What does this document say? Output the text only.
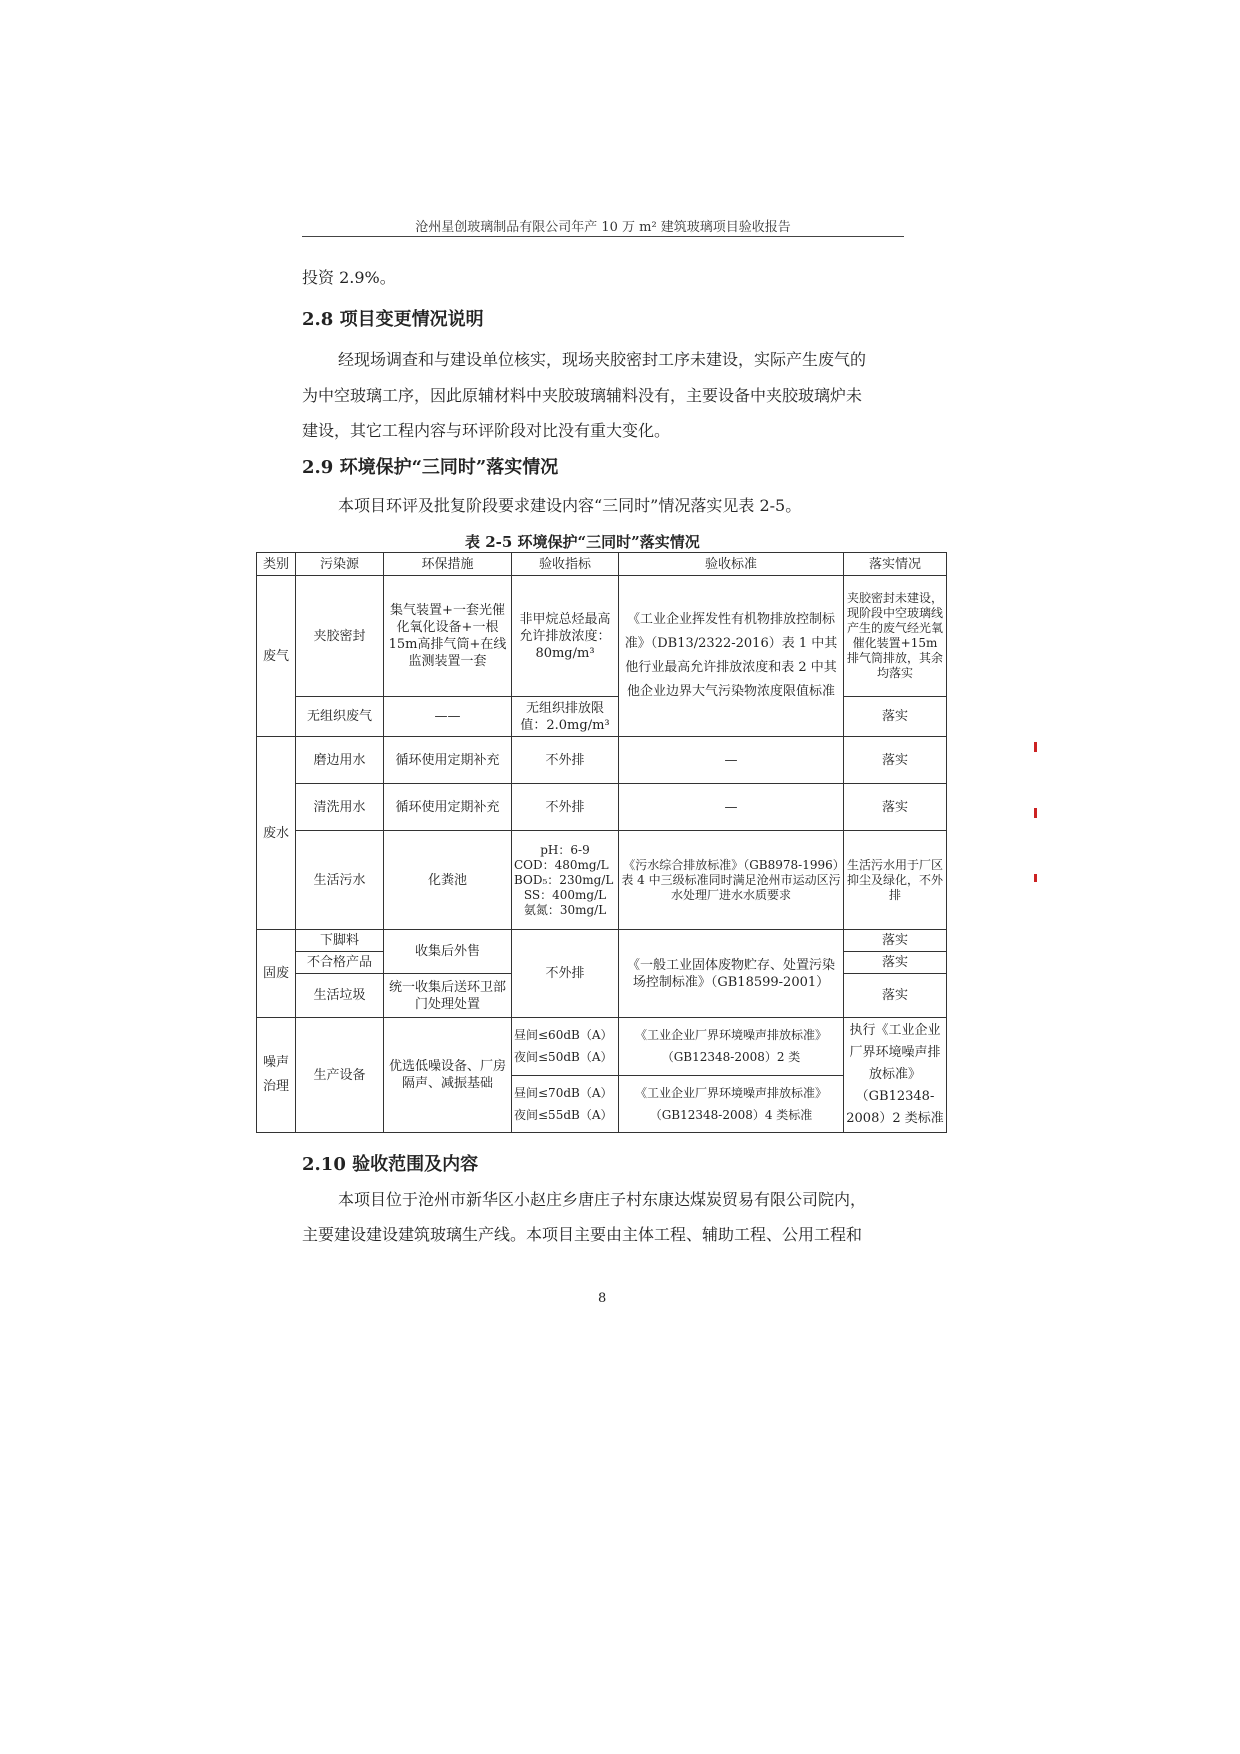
沧州星创玻璃制品有限公司年产 10 万 m² 建筑玻璃项目验收报告
投资 2.9%。
2.8 项目变更情况说明
经现场调查和与建设单位核实，现场夹胶密封工序未建设，实际产生废气的
为中空玻璃工序，因此原辅材料中夹胶玻璃辅料没有，主要设备中夹胶玻璃炉未
建设，其它工程内容与环评阶段对比没有重大变化。
2.9 环境保护“三同时”落实情况
本项目环评及批复阶段要求建设内容“三同时”情况落实见表 2-5。
表 2-5 环境保护“三同时”落实情况
类别	污染源	环保措施	验收指标	验收标准	落实情况
废气	夹胶密封	集气装置+一套光催化氧化设备+一根15m高排气筒+在线监测装置一套	非甲烷总烃最高允许排放浓度：80mg/m³	《工业企业挥发性有机物排放控制标准》（DB13/2322-2016）表 1 中其他行业最高允许排放浓度和表 2 中其他企业边界大气污染物浓度限值标准	夹胶密封未建设，现阶段中空玻璃线产生的废气经光氧催化装置+15m 排气筒排放，其余均落实
	无组织废气	——	无组织排放限值：2.0mg/m³		落实
废水	磨边用水	循环使用定期补充	不外排	—	落实
	清洗用水	循环使用定期补充	不外排	—	落实
	生活污水	化粪池	pH：6-9
COD：480mg/L
BOD₅：230mg/L
SS：400mg/L
氨氮：30mg/L	《污水综合排放标准》（GB8978-1996）表 4 中三级标准同时满足沧州市运动区污水处理厂进水水质要求	生活污水用于厂区抑尘及绿化，不外排
固废	下脚料	收集后外售	不外排	《一般工业固体废物贮存、处置污染场控制标准》（GB18599-2001）	落实
	不合格产品				落实
	生活垃圾	统一收集后送环卫部门处理处置			落实
噪声治理	生产设备	优选低噪设备、厂房隔声、减振基础	昼间≤60dB（A）
夜间≤50dB（A）	《工业企业厂界环境噪声排放标准》（GB12348-2008）2 类	执行《工业企业厂界环境噪声排放标准》（GB12348-2008）2 类标准

			昼间≤70dB（A）
夜间≤55dB（A）	《工业企业厂界环境噪声排放标准》（GB12348-2008）4 类标准	
2.10 验收范围及内容
本项目位于沧州市新华区小赵庄乡唐庄子村东康达煤炭贸易有限公司院内，
主要建设建设建筑玻璃生产线。本项目主要由主体工程、辅助工程、公用工程和
8
